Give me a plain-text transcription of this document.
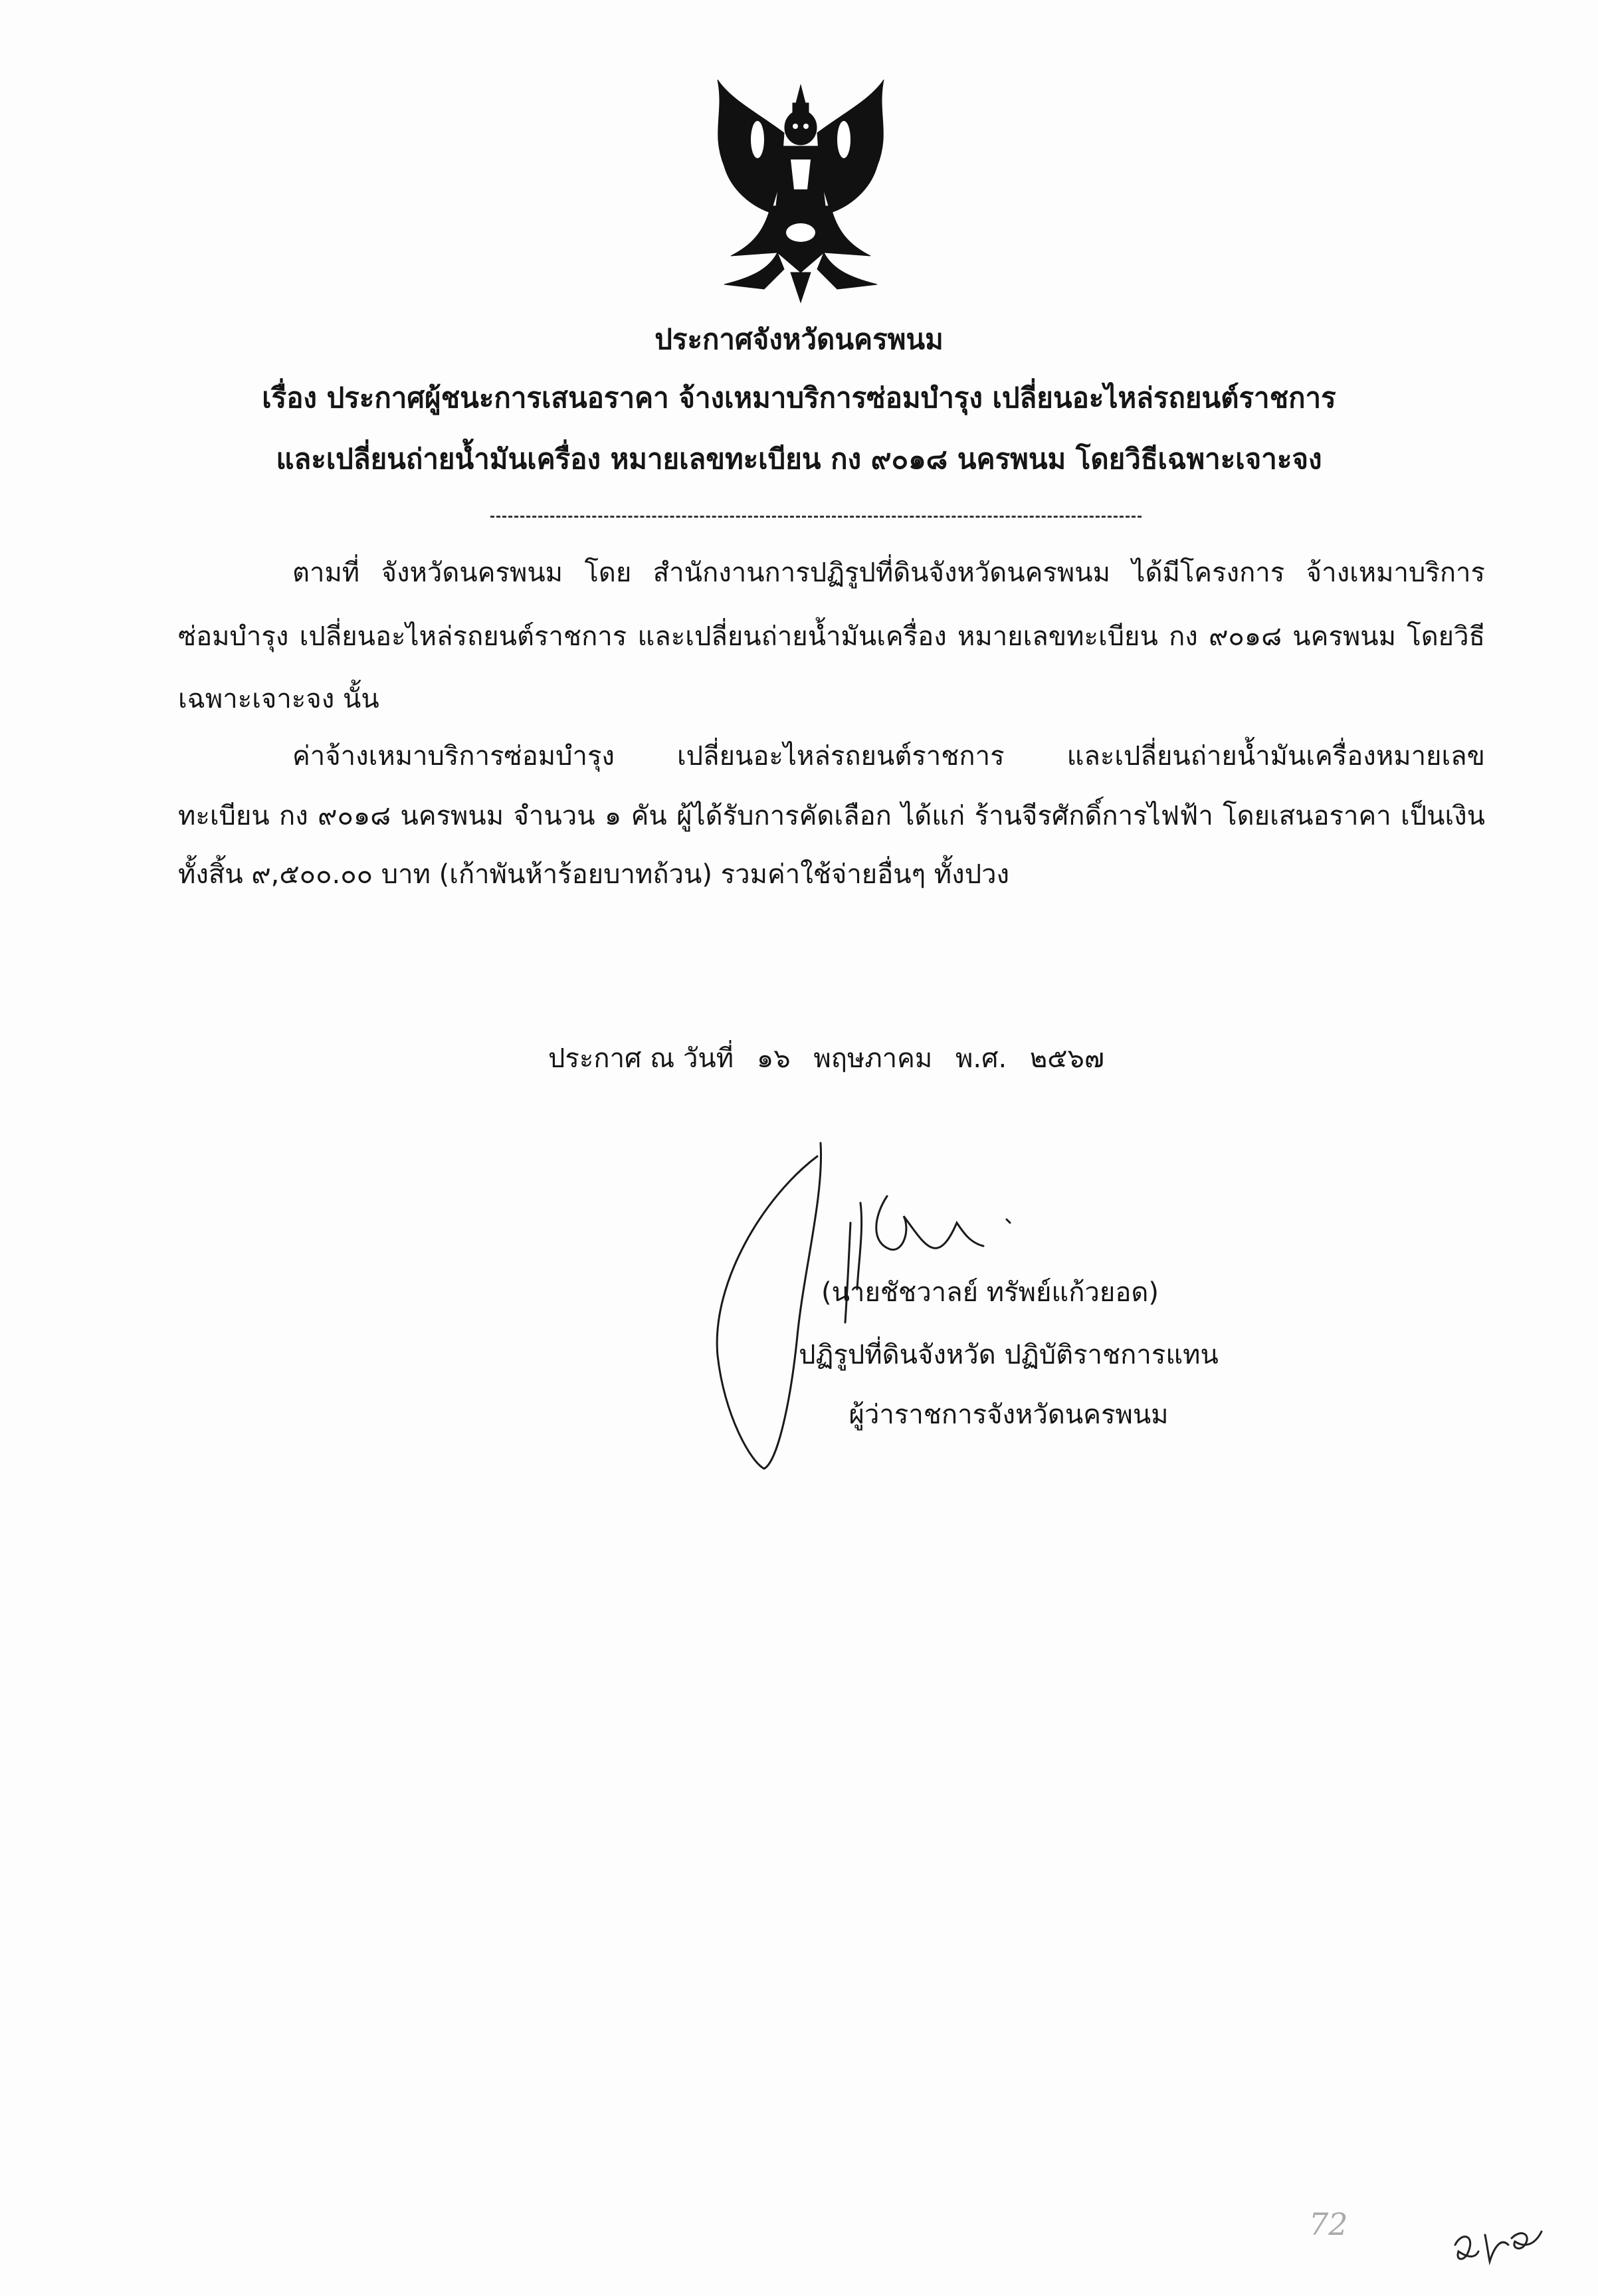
ประกาศจังหวัดนครพนม
เรื่อง ประกาศผู้ชนะการเสนอราคา จ้างเหมาบริการซ่อมบำรุง เปลี่ยนอะไหล่รถยนต์ราชการ
และเปลี่ยนถ่ายน้ำมันเครื่อง หมายเลขทะเบียน กง ๙๐๑๘ นครพนม โดยวิธีเฉพาะเจาะจง
ตามที่ จังหวัดนครพนม โดย สำนักงานการปฏิรูปที่ดินจังหวัดนครพนม ได้มีโครงการ จ้างเหมาบริการ
ซ่อมบำรุง เปลี่ยนอะไหล่รถยนต์ราชการ และเปลี่ยนถ่ายน้ำมันเครื่อง หมายเลขทะเบียน กง ๙๐๑๘ นครพนม โดยวิธี
เฉพาะเจาะจง นั้น
ค่าจ้างเหมาบริการซ่อมบำรุง เปลี่ยนอะไหล่รถยนต์ราชการ และเปลี่ยนถ่ายน้ำมันเครื่องหมายเลข
ทะเบียน กง ๙๐๑๘ นครพนม จำนวน ๑ คัน ผู้ได้รับการคัดเลือก ได้แก่ ร้านจีรศักดิ์การไฟฟ้า โดยเสนอราคา เป็นเงิน
ทั้งสิ้น ๙,๕๐๐.๐๐ บาท (เก้าพันห้าร้อยบาทถ้วน) รวมค่าใช้จ่ายอื่นๆ ทั้งปวง
ประกาศ ณ วันที่ ๑๖ พฤษภาคม พ.ศ. ๒๕๖๗
(นายชัชวาลย์ ทรัพย์แก้วยอด)
ปฏิรูปที่ดินจังหวัด ปฏิบัติราชการแทน
ผู้ว่าราชการจังหวัดนครพนม
72
